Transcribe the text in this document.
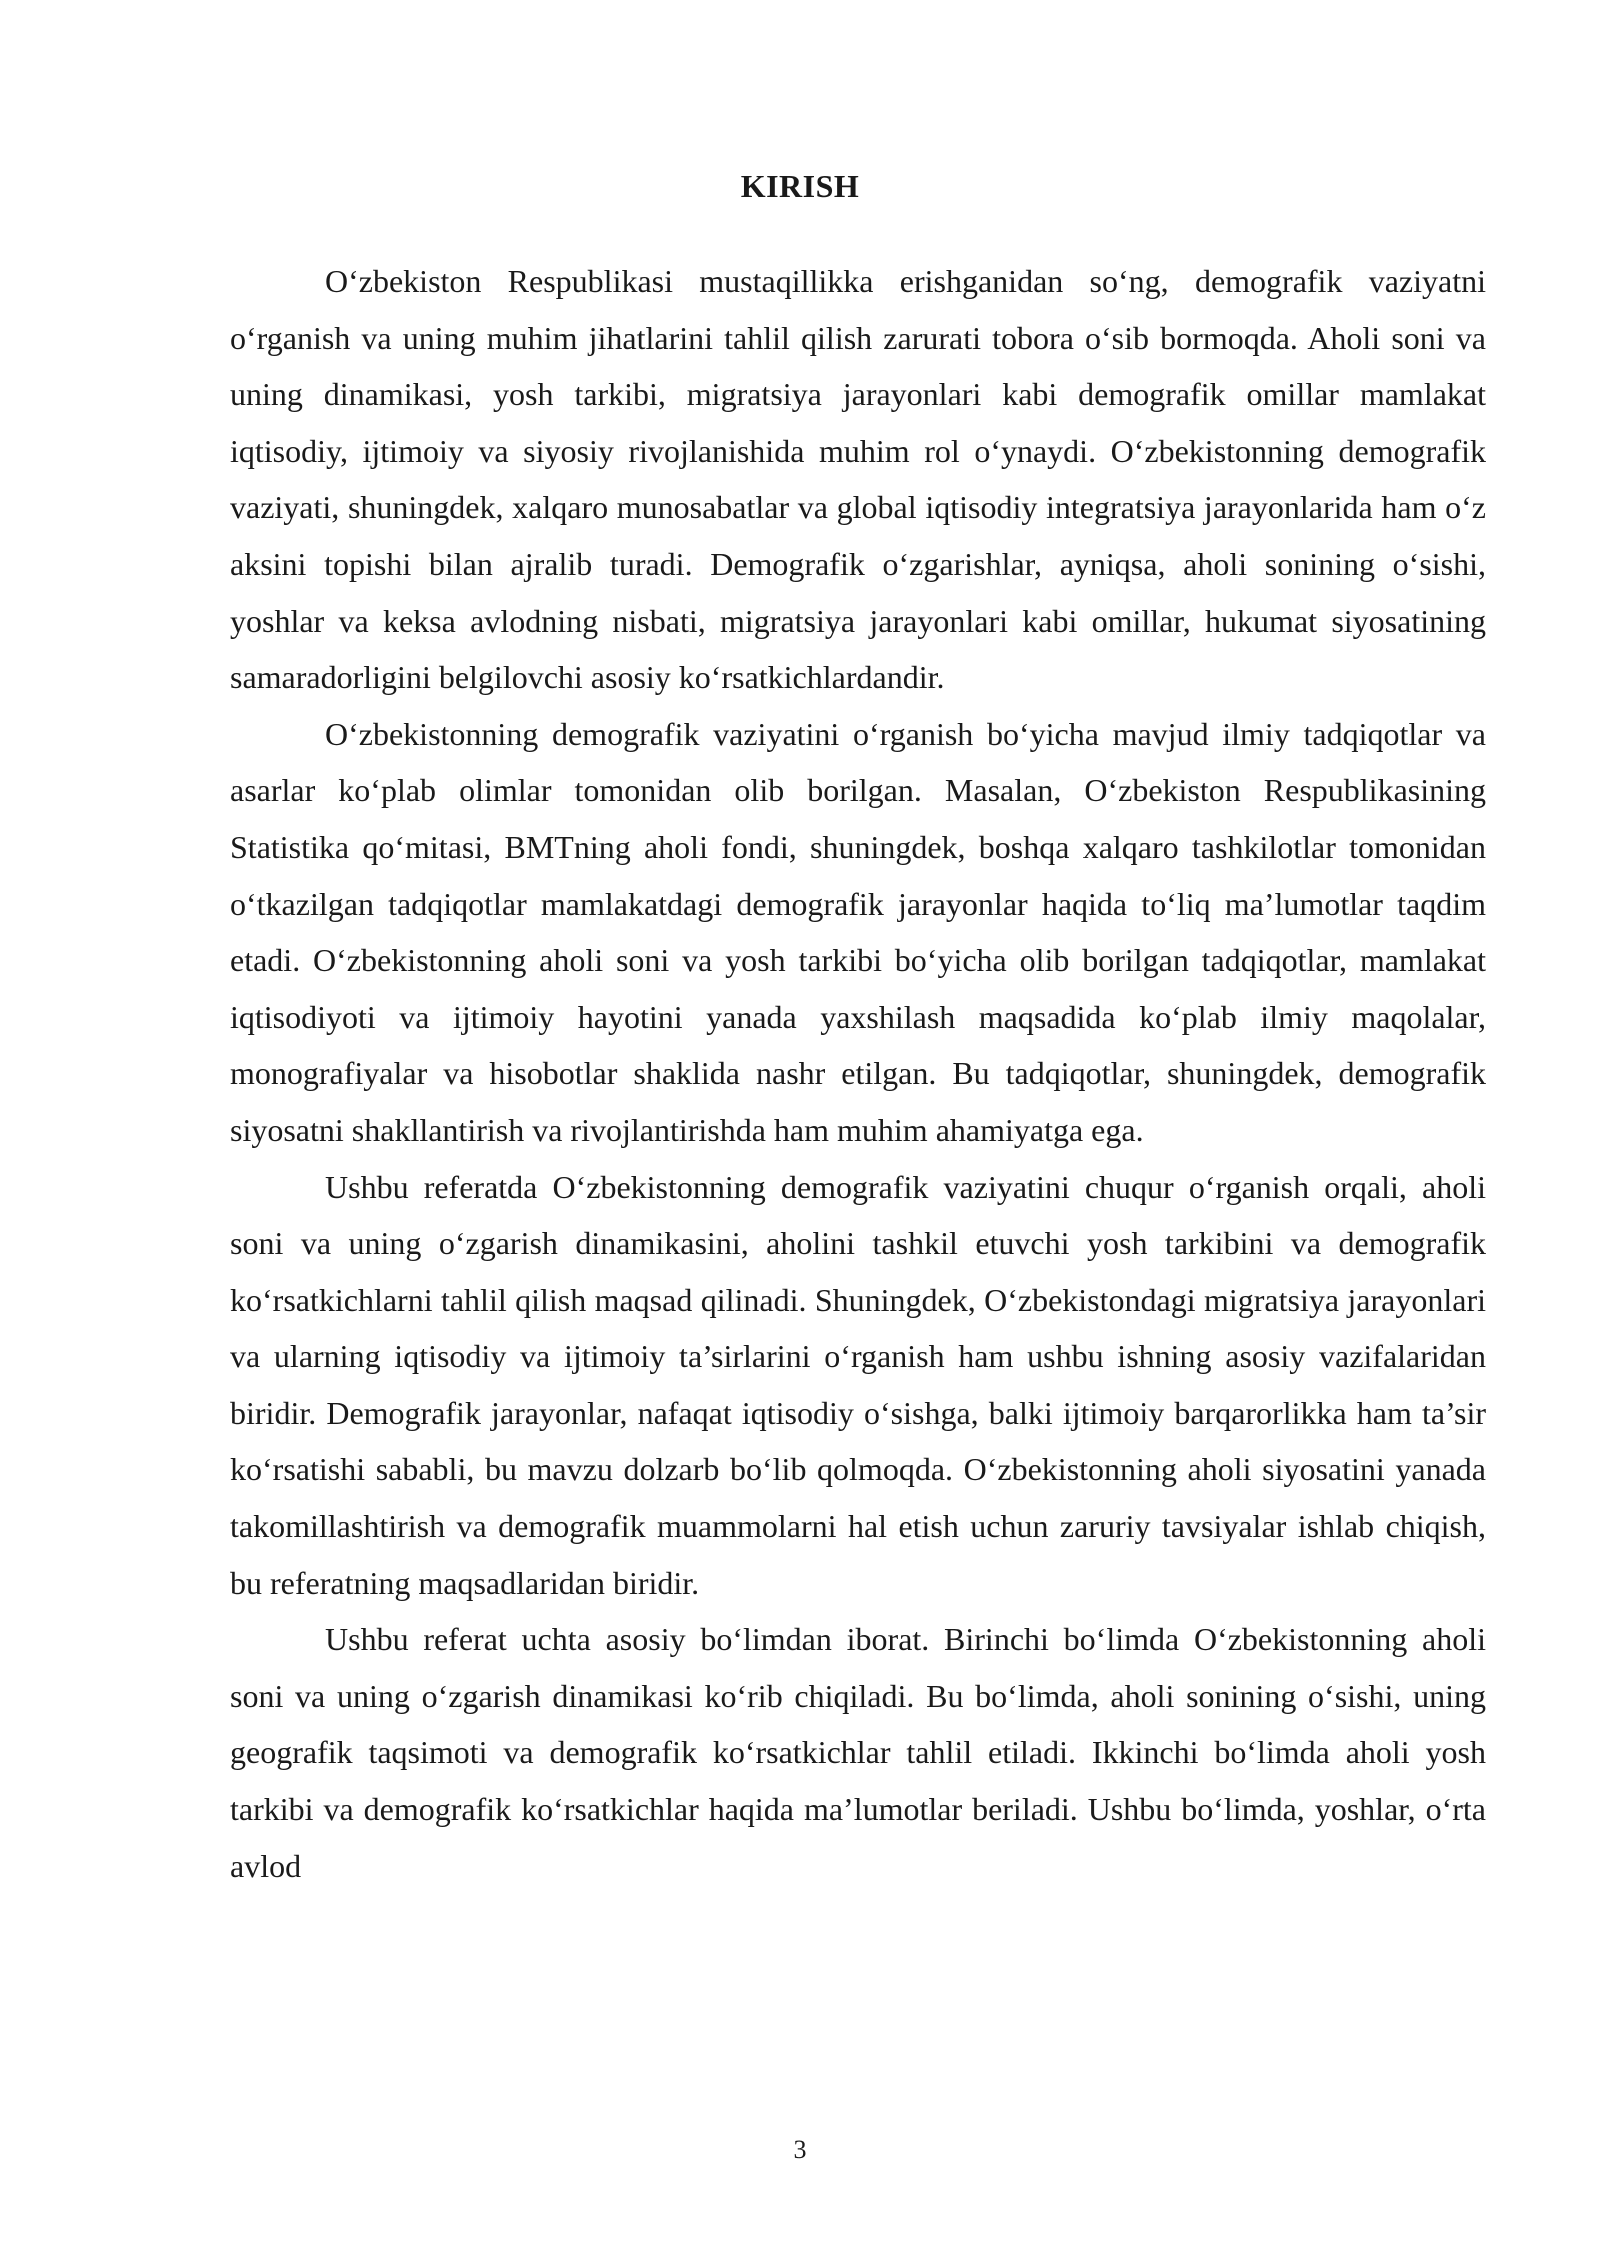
KIRISH

O‘zbekiston Respublikasi mustaqillikka erishganidan so‘ng, demografik vaziyatni o‘rganish va uning muhim jihatlarini tahlil qilish zarurati tobora o‘sib bormoqda. Aholi soni va uning dinamikasi, yosh tarkibi, migratsiya jarayonlari kabi demografik omillar mamlakat iqtisodiy, ijtimoiy va siyosiy rivojlanishida muhim rol o‘ynaydi. O‘zbekistonning demografik vaziyati, shuningdek, xalqaro munosabatlar va global iqtisodiy integratsiya jarayonlarida ham o‘z aksini topishi bilan ajralib turadi. Demografik o‘zgarishlar, ayniqsa, aholi sonining o‘sishi, yoshlar va keksa avlodning nisbati, migratsiya jarayonlari kabi omillar, hukumat siyosatining samaradorligini belgilovchi asosiy ko‘rsatkichlardandir.

O‘zbekistonning demografik vaziyatini o‘rganish bo‘yicha mavjud ilmiy tadqiqotlar va asarlar ko‘plab olimlar tomonidan olib borilgan. Masalan, O‘zbekiston Respublikasining Statistika qo‘mitasi, BMTning aholi fondi, shuningdek, boshqa xalqaro tashkilotlar tomonidan o‘tkazilgan tadqiqotlar mamlakatdagi demografik jarayonlar haqida to‘liq ma’lumotlar taqdim etadi. O‘zbekistonning aholi soni va yosh tarkibi bo‘yicha olib borilgan tadqiqotlar, mamlakat iqtisodiyoti va ijtimoiy hayotini yanada yaxshilash maqsadida ko‘plab ilmiy maqolalar, monografiyalar va hisobotlar shaklida nashr etilgan. Bu tadqiqotlar, shuningdek, demografik siyosatni shakllantirish va rivojlantirishda ham muhim ahamiyatga ega.

Ushbu referatda O‘zbekistonning demografik vaziyatini chuqur o‘rganish orqali, aholi soni va uning o‘zgarish dinamikasini, aholini tashkil etuvchi yosh tarkibini va demografik ko‘rsatkichlarni tahlil qilish maqsad qilinadi. Shuningdek, O‘zbekistondagi migratsiya jarayonlari va ularning iqtisodiy va ijtimoiy ta’sirlarini o‘rganish ham ushbu ishning asosiy vazifalaridan biridir. Demografik jarayonlar, nafaqat iqtisodiy o‘sishga, balki ijtimoiy barqarorlikka ham ta’sir ko‘rsatishi sababli, bu mavzu dolzarb bo‘lib qolmoqda. O‘zbekistonning aholi siyosatini yanada takomillashtirish va demografik muammolarni hal etish uchun zaruriy tavsiyalar ishlab chiqish, bu referatning maqsadlaridan biridir.

Ushbu referat uchta asosiy bo‘limdan iborat. Birinchi bo‘limda O‘zbekistonning aholi soni va uning o‘zgarish dinamikasi ko‘rib chiqiladi. Bu bo‘limda, aholi sonining o‘sishi, uning geografik taqsimoti va demografik ko‘rsatkichlar tahlil etiladi. Ikkinchi bo‘limda aholi yosh tarkibi va demografik ko‘rsatkichlar haqida ma’lumotlar beriladi. Ushbu bo‘limda, yoshlar, o‘rta avlod

3
